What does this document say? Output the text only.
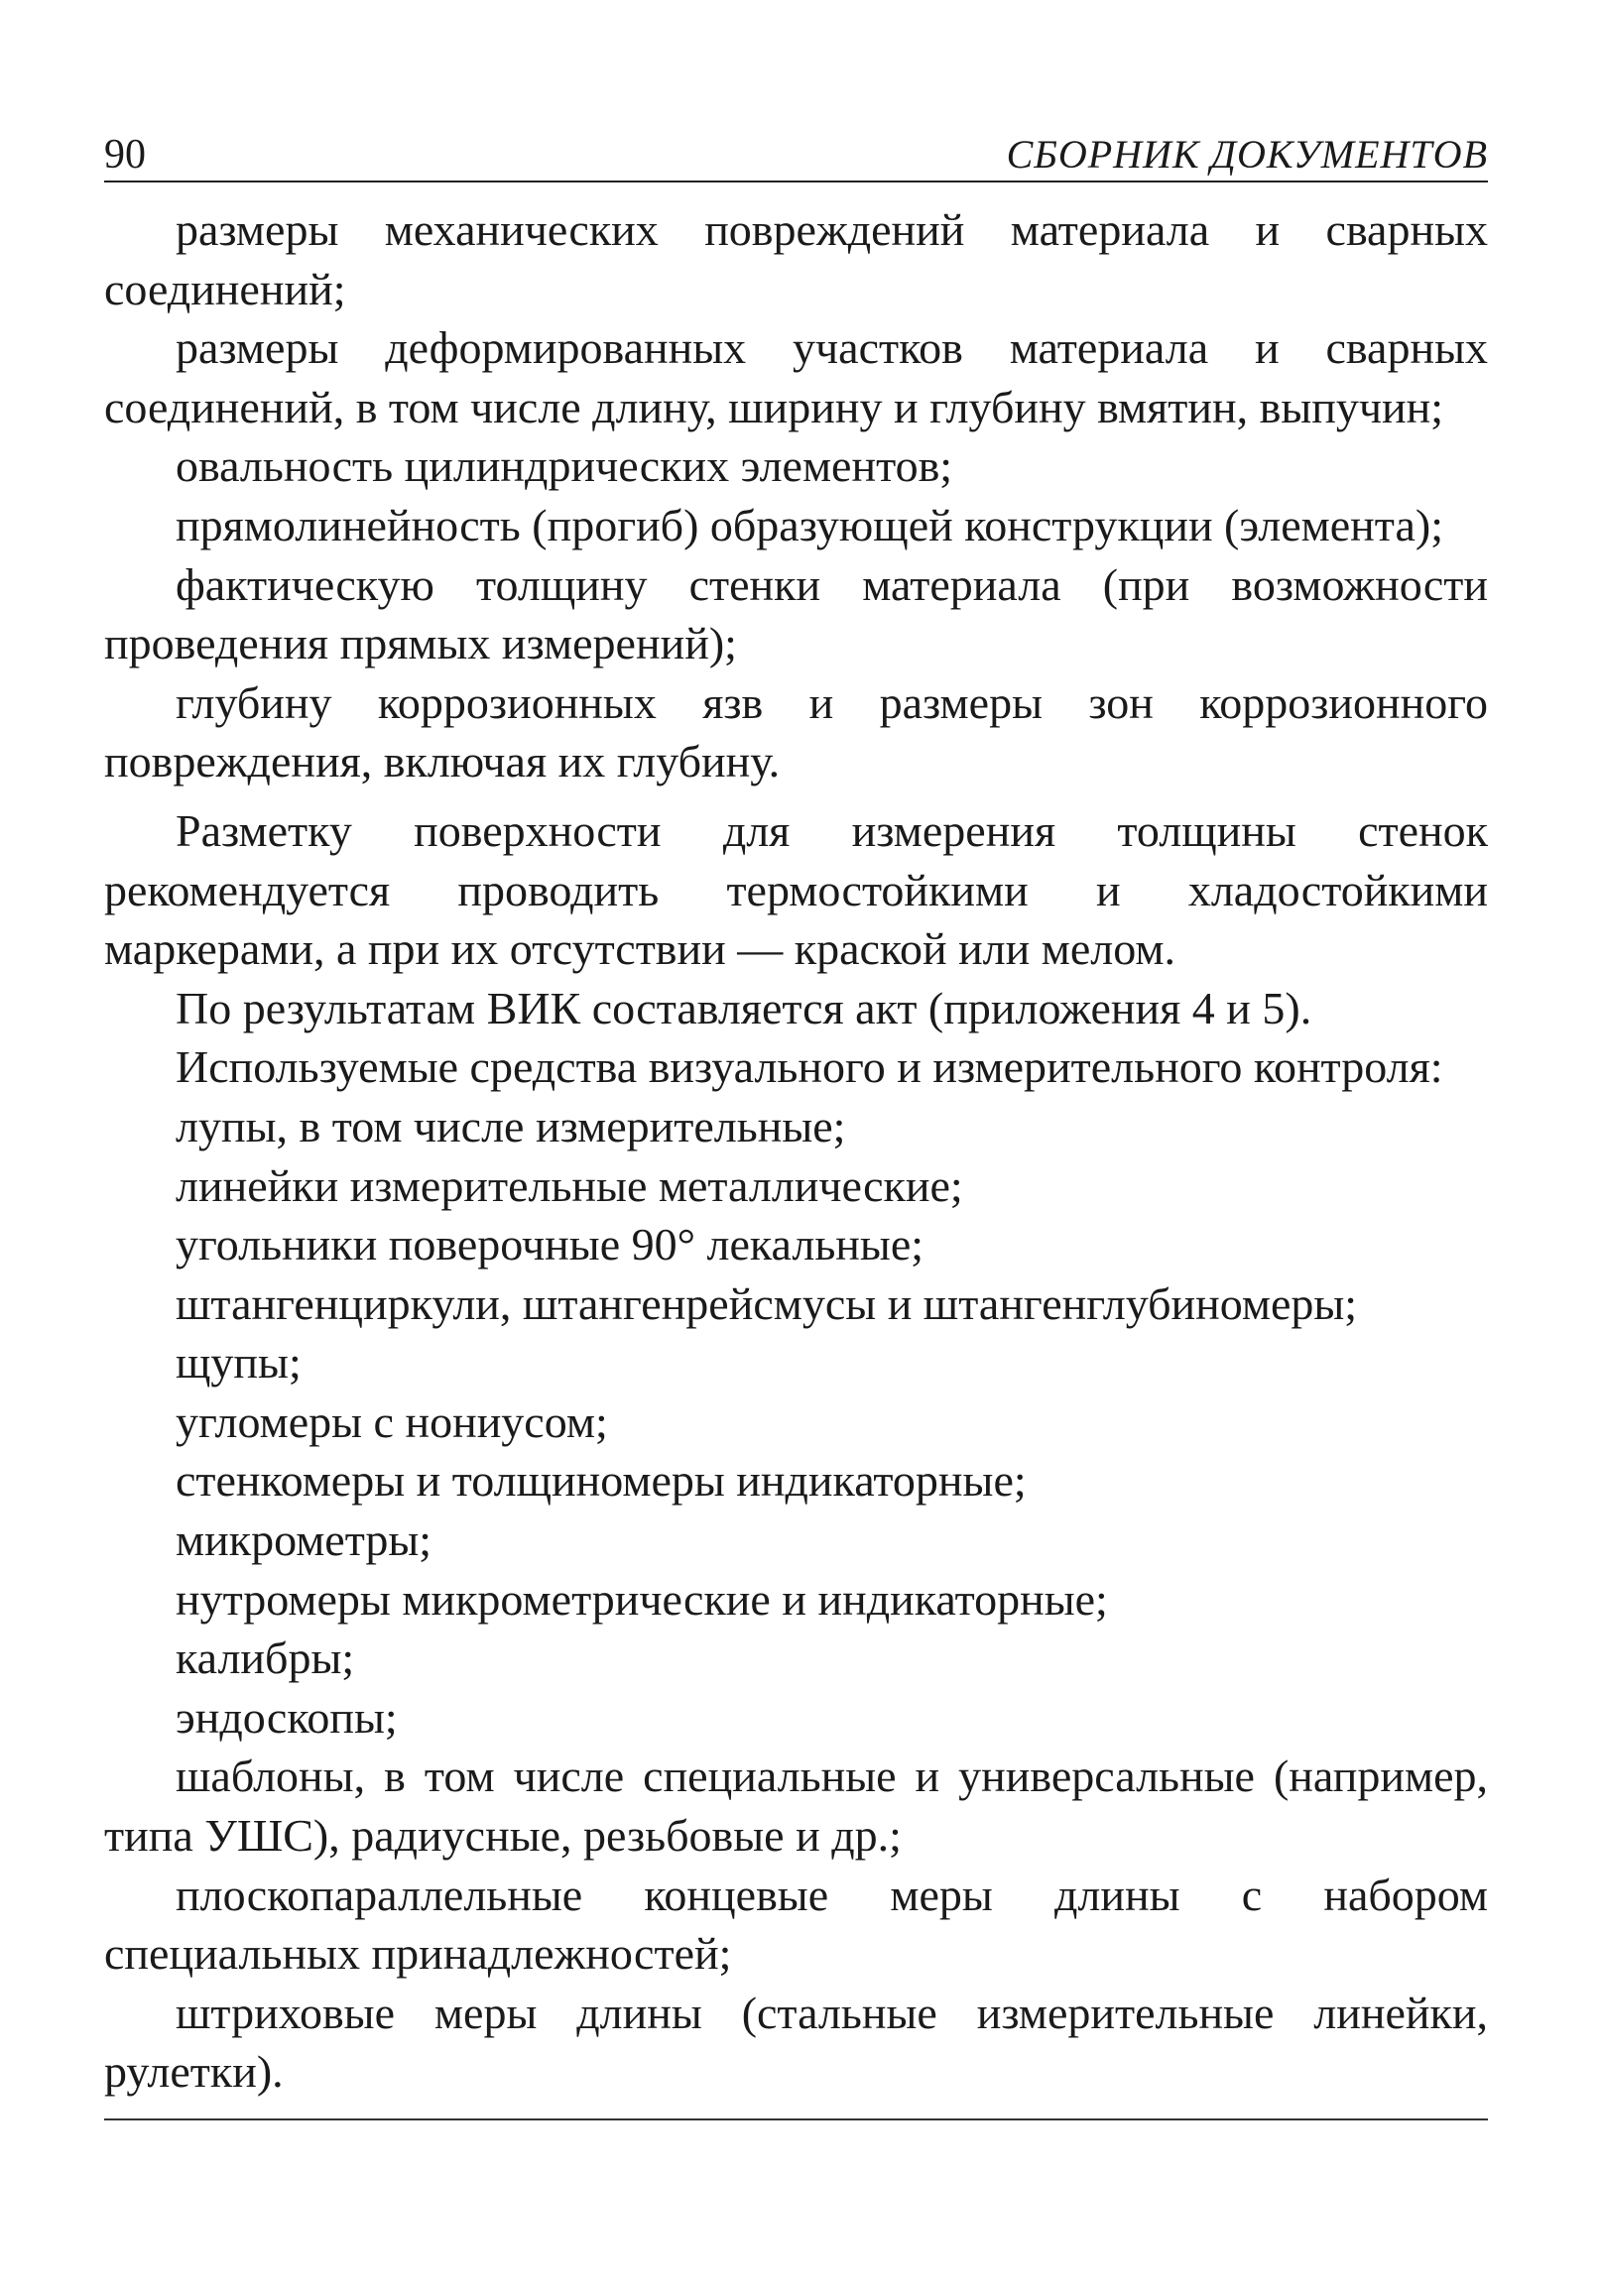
90	СБОРНИК ДОКУМЕНТОВ

размеры механических повреждений материала и сварных соединений;

размеры деформированных участков материала и сварных соединений, в том числе длину, ширину и глубину вмятин, выпучин;

овальность цилиндрических элементов;

прямолинейность (прогиб) образующей конструкции (элемента);

фактическую толщину стенки материала (при возможности проведения прямых измерений);

глубину коррозионных язв и размеры зон коррозионного повреждения, включая их глубину.

Разметку поверхности для измерения толщины стенок рекомендуется проводить термостойкими и хладостойкими маркерами, а при их отсутствии — краской или мелом.

По результатам ВИК составляется акт (приложения 4 и 5).

Используемые средства визуального и измерительного контроля:

лупы, в том числе измерительные;

линейки измерительные металлические;

угольники поверочные 90° лекальные;

штангенциркули, штангенрейсмусы и штангенглубиномеры;

щупы;

угломеры с нониусом;

стенкомеры и толщиномеры индикаторные;

микрометры;

нутромеры микрометрические и индикаторные;

калибры;

эндоскопы;

шаблоны, в том числе специальные и универсальные (например, типа УШС), радиусные, резьбовые и др.;

плоскопараллельные концевые меры длины с набором специальных принадлежностей;

штриховые меры длины (стальные измерительные линейки, рулетки).
